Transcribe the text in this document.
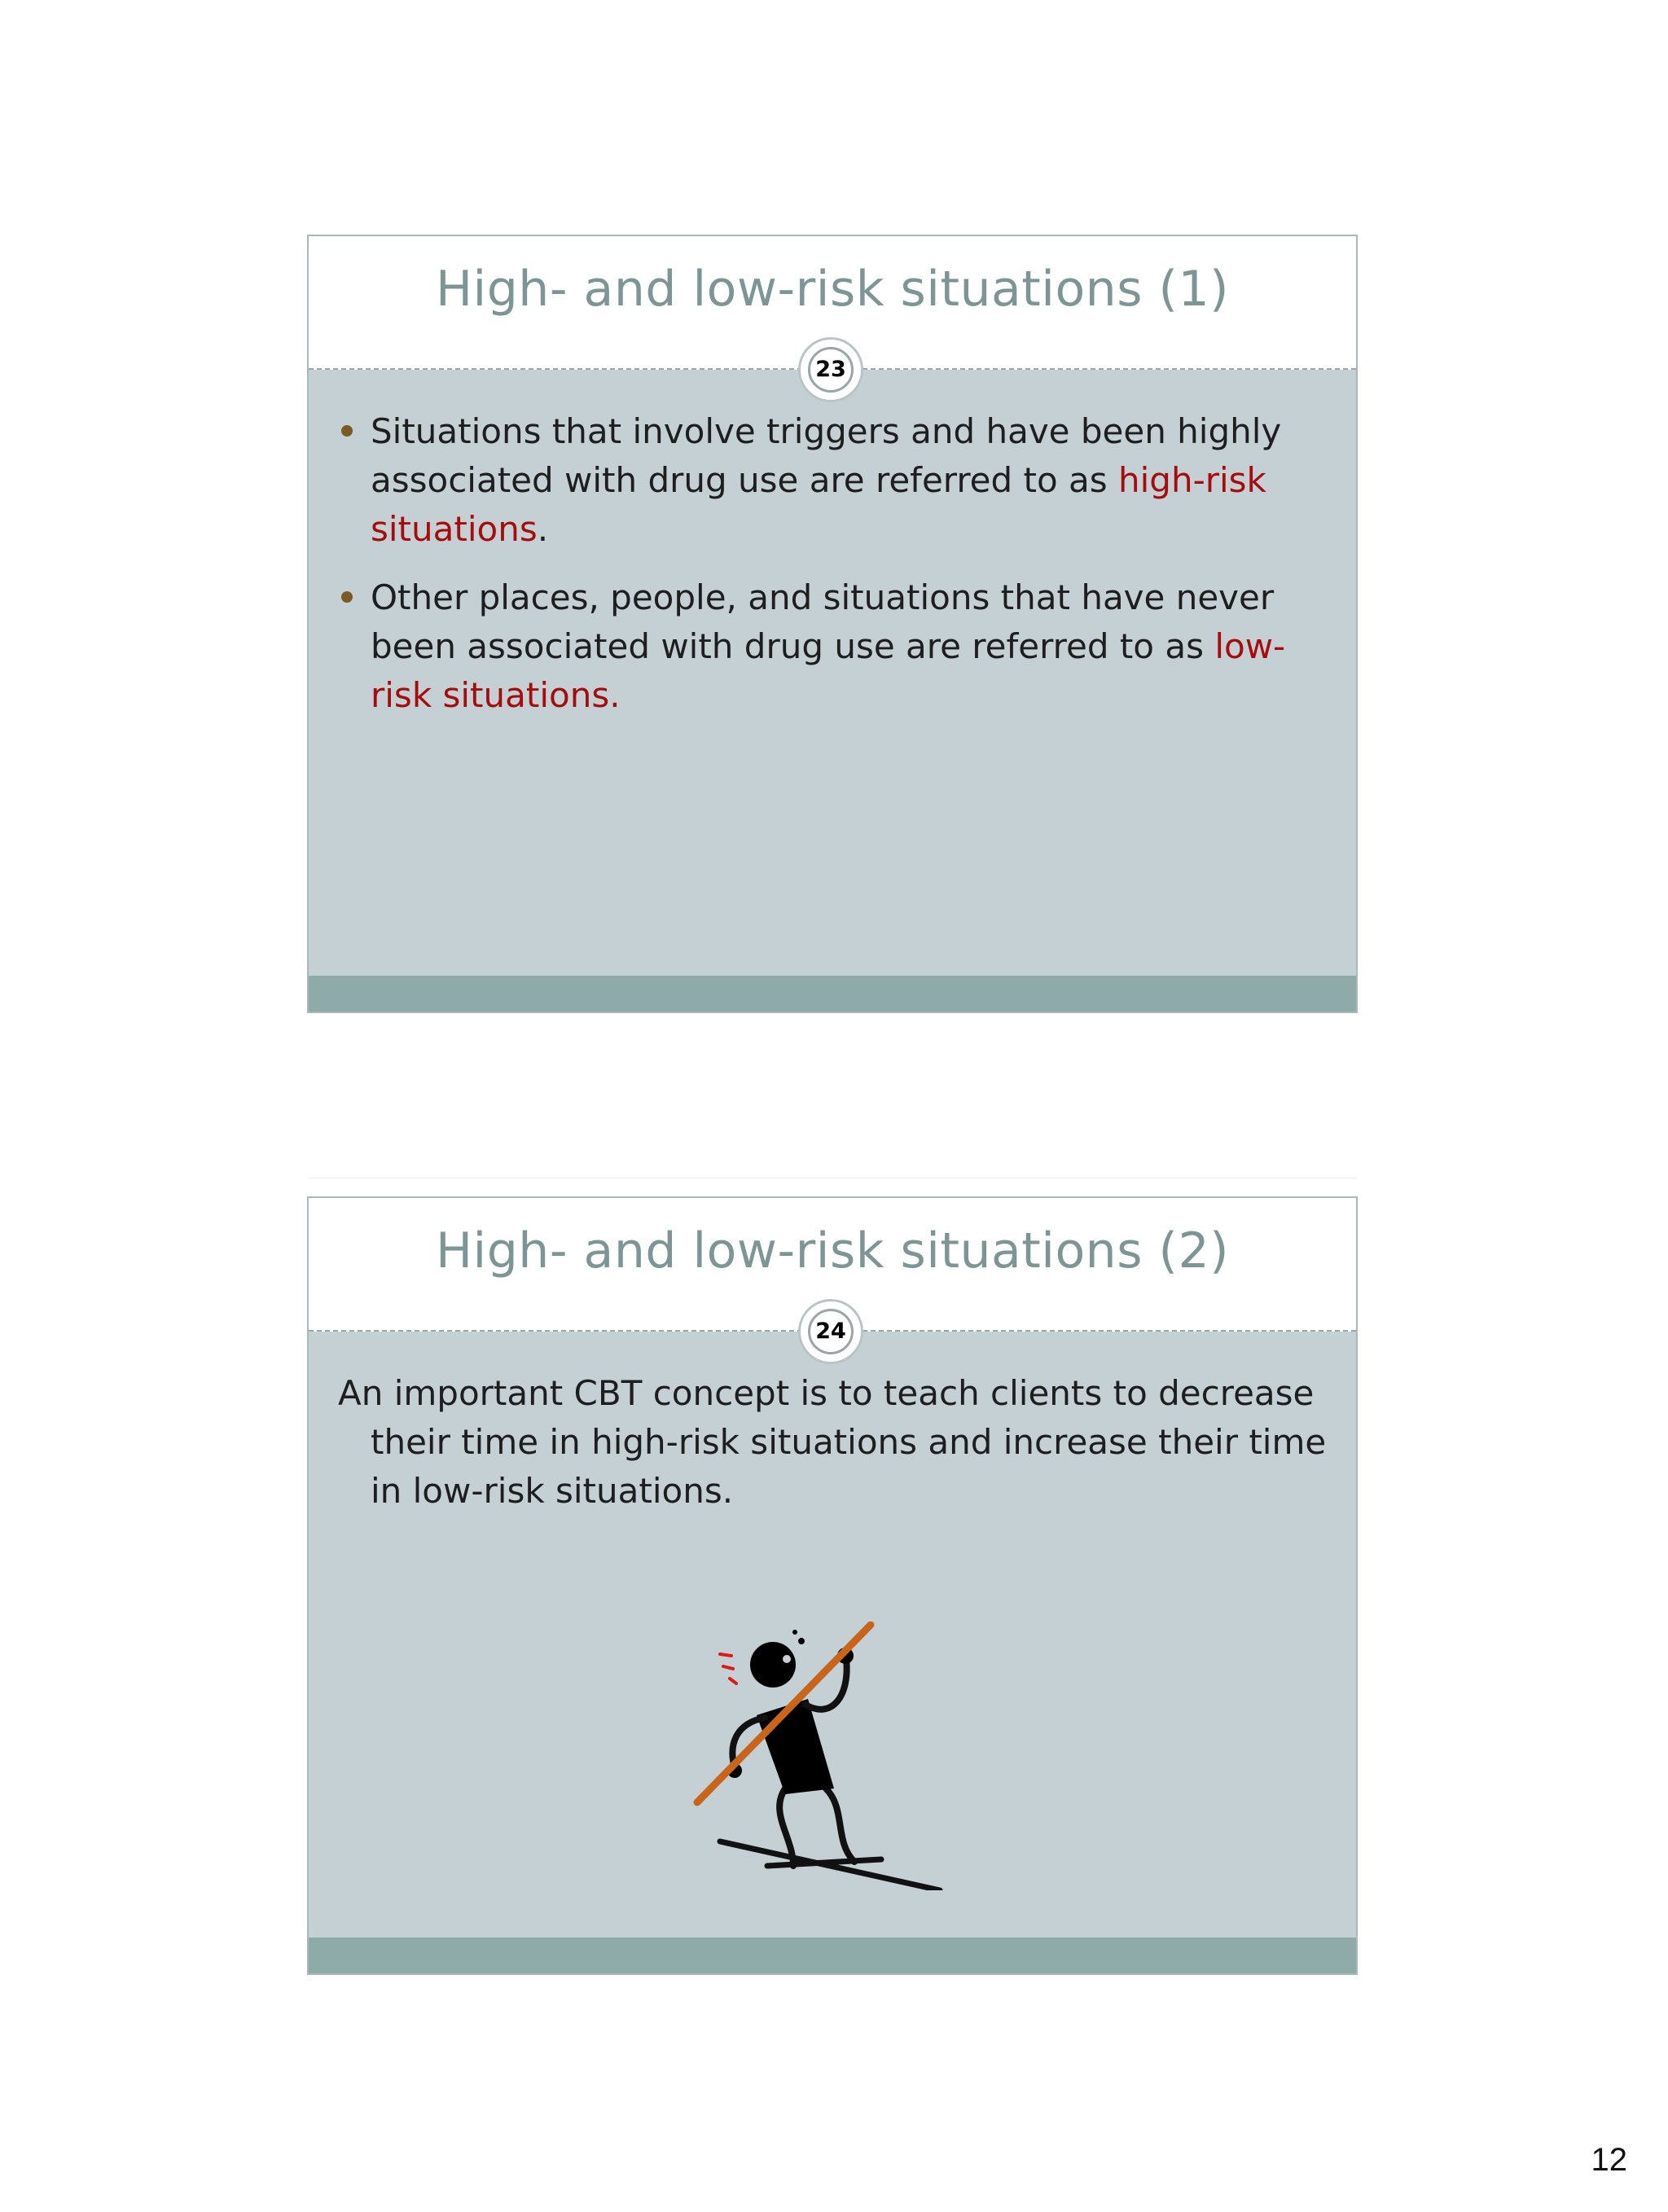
High- and low-risk situations (1)
23
Situations that involve triggers and have been highly associated with drug use are referred to as high-risk situations.
Other places, people, and situations that have never been associated with drug use are referred to as low-risk situations.
High- and low-risk situations (2)
24

An important CBT concept is to teach clients to decrease their time in high-risk situations and increase their time in low-risk situations.

12
